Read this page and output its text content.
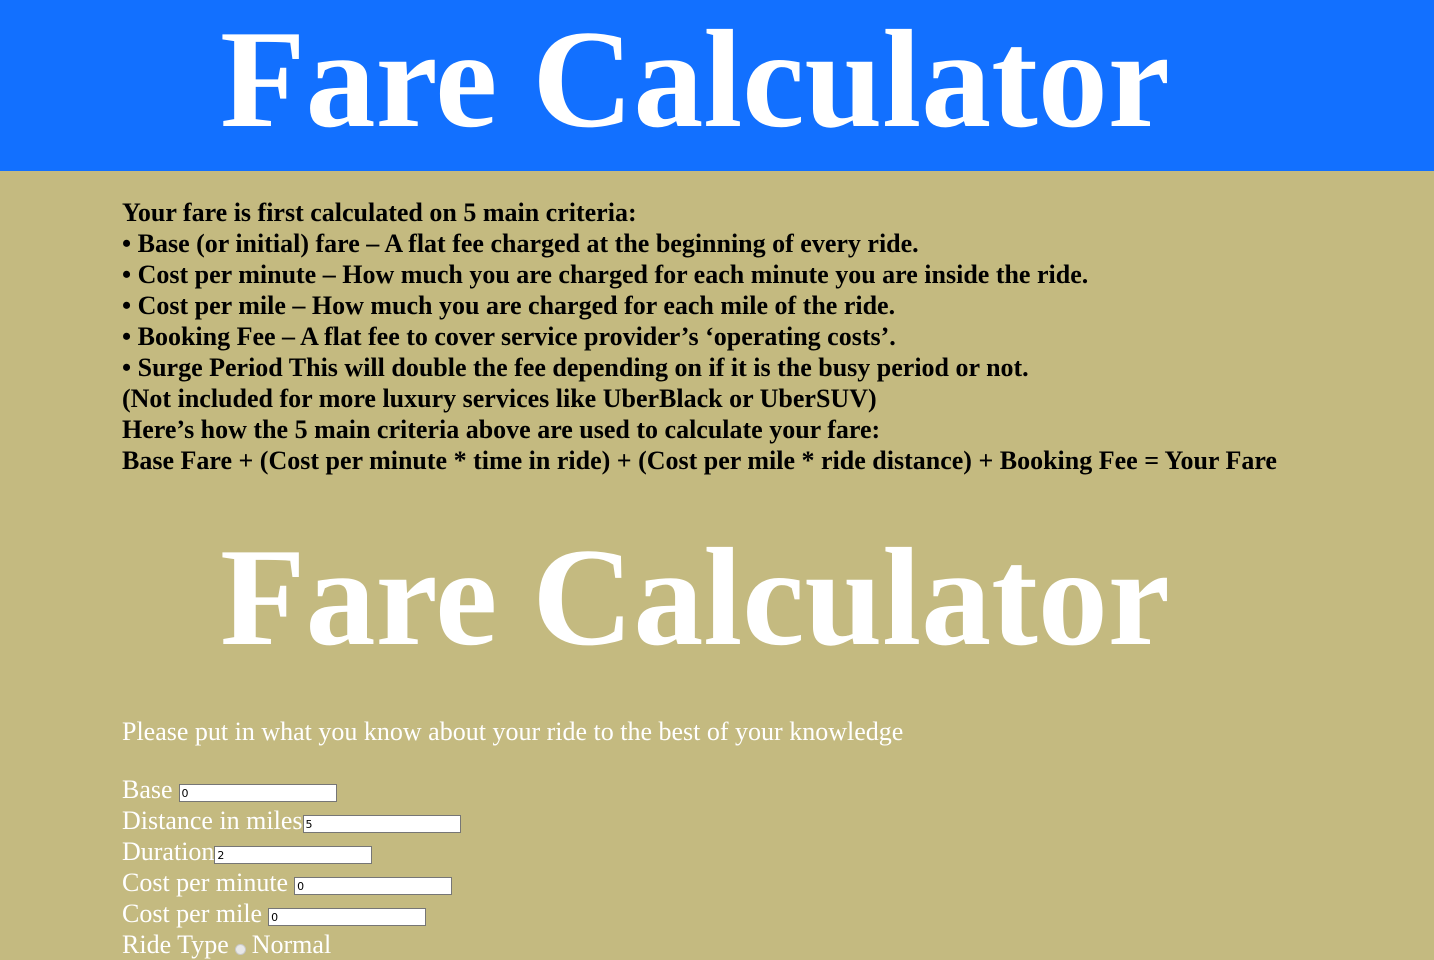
Fare Calculator
Your fare is first calculated on 5 main criteria:
• Base (or initial) fare – A flat fee charged at the beginning of every ride.
• Cost per minute – How much you are charged for each minute you are inside the ride.
• Cost per mile – How much you are charged for each mile of the ride.
• Booking Fee – A flat fee to cover service provider’s ‘operating costs’.
• Surge Period This will double the fee depending on if it is the busy period or not.
(Not included for more luxury services like UberBlack or UberSUV)
Here’s how the 5 main criteria above are used to calculate your fare:
Base Fare + (Cost per minute * time in ride) + (Cost per mile * ride distance) + Booking Fee = Your Fare
Fare Calculator
Please put in what you know about your ride to the best of your knowledge
Base
0
Distance in miles
5
Duration
2
Cost per minute
0
Cost per mile
0
Ride Type Normal
